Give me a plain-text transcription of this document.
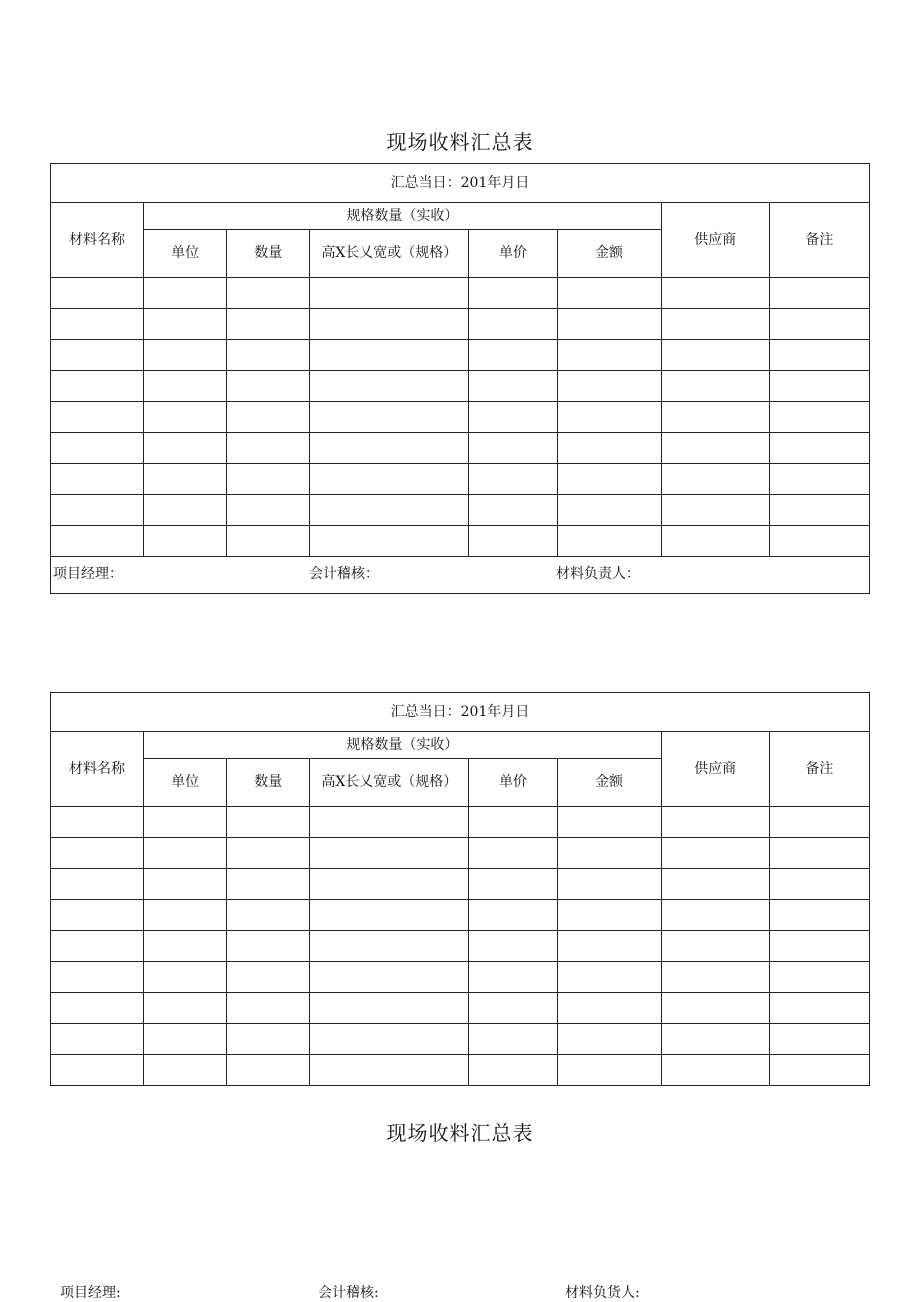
现场收料汇总表
汇总当日：201年月日							
材料名称	规格数量（实收）					供应商	备注
	单位	数量	高X长乂宽或（规格）	单价	金额		

项目经理： 会计稽核： 材料负责人：							
汇总当日：201年月日							
材料名称	规格数量（实收）					供应商	备注
	单位	数量	高X长乂宽或（规格）	单价	金额		

现场收料汇总表
项目经理:	会计稽核:	材料负货人:
